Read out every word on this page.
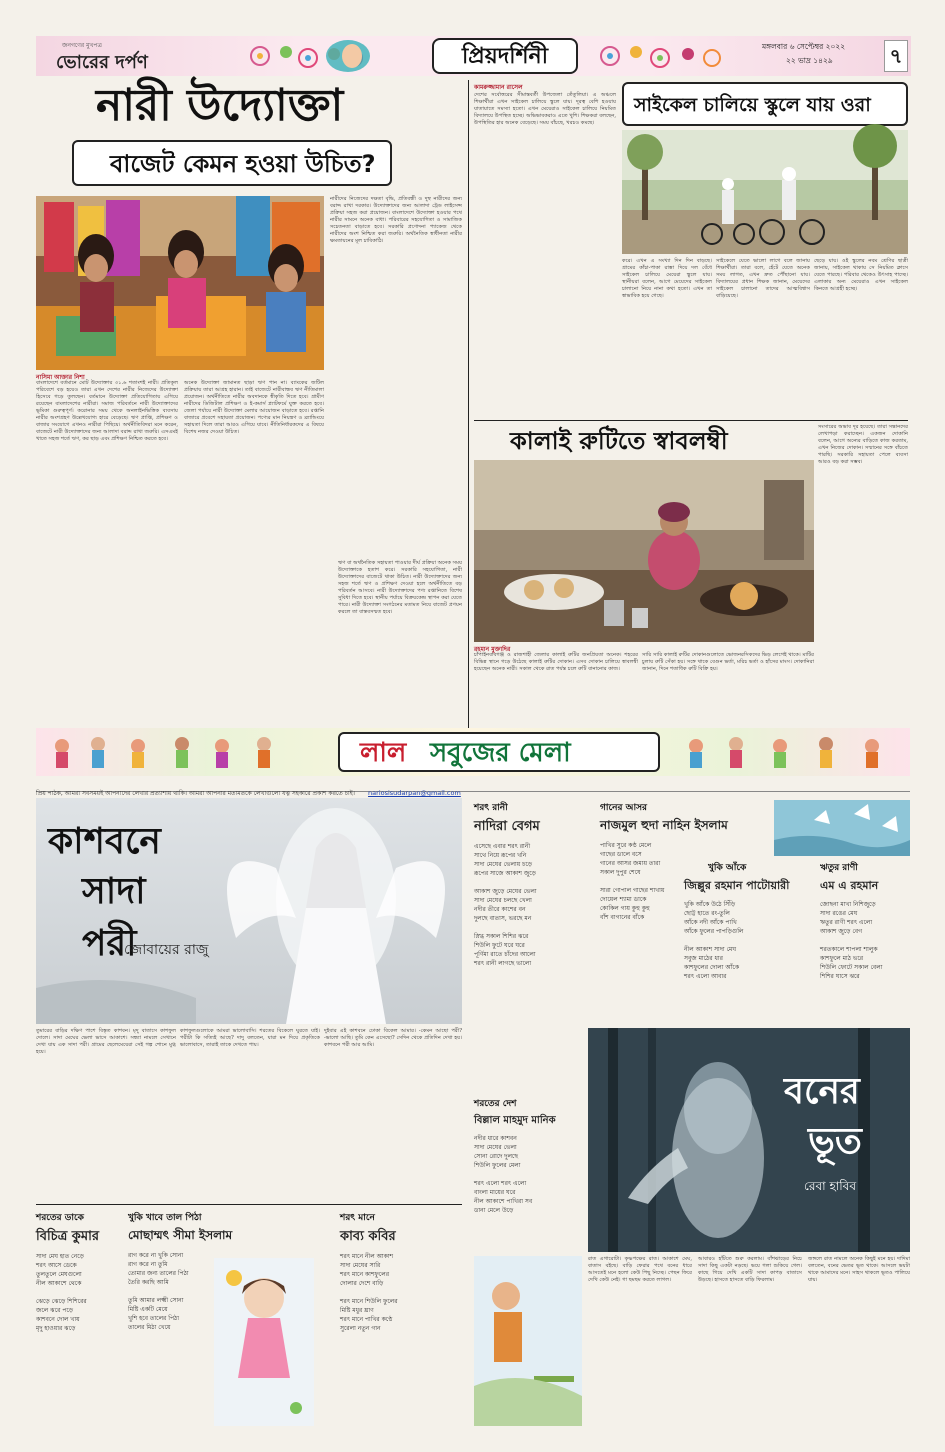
জনগণের মুখপত্র
ভোরের দর্পণ	প্রিয়দর্শিনী	মঙ্গলবার ৬ সেপ্টেম্বর ২০২২
২২ ভাদ্র ১৪২৯	৭
নারী উদ্যোক্তা
বাজেট কেমন হওয়া উচিত?
বাংলাদেশে বর্তমানে মোট উদ্যোক্তার ৩১.৬ শতাংশই নারী। প্রতিকূল পরিবেশে বড় হয়েও তারা এখন দেশের নারীর নিজেদের উদ্যোক্তা হিসেবে গড়ে তুলছেন। বর্তমানে উদ্যোক্তা প্রতিযোগিতায় এগিয়ে রয়েছেন বাংলাদেশের নারীরা। সমাজ পরিবর্তনে নারী উদ্যোক্তাদের ভূমিকা গুরুত্বপূর্ণ। করোনার সময় থেকে অনলাইনভিত্তিক ব্যবসায় নারীর অংশগ্রহণ উল্লেখযোগ্য হারে বেড়েছে। ঋণ প্রাপ্তি, প্রশিক্ষণ ও বাজার সংযোগে এখনও নারীরা পিছিয়ে। অর্থনীতিবিদরা মনে করেন, বাজেটে নারী উদ্যোক্তাদের জন্য আলাদা বরাদ্দ রাখা জরুরি। এসএমই খাতে সহজ শর্তে ঋণ, কর ছাড় এবং প্রশিক্ষণ নিশ্চিত করতে হবে।
অনেক উদ্যোক্তা জামানত ছাড়া ঋণ পান না। ব্যাংকের জটিল প্রক্রিয়ায় তারা আগ্রহ হারান। তাই বাজেটে নারীবান্ধব ঋণ নীতিমালা প্রয়োজন। অর্থনীতিতে নারীর অবদানকে স্বীকৃতি দিতে হবে। গ্রামীণ নারীদের ডিজিটাল প্রশিক্ষণ ও ই-কমার্স প্ল্যাটফর্মে যুক্ত করতে হবে। জেলা পর্যায়ে নারী উদ্যোক্তা মেলার আয়োজন বাড়াতে হবে। রপ্তানি বাজারে প্রবেশে সহায়তা প্রয়োজন। পণ্যের মান নিয়ন্ত্রণ ও ব্র্যান্ডিংয়ে সহায়তা দিলে তারা আরও এগিয়ে যাবে। নীতিনির্ধারকদের এ বিষয়ে বিশেষ নজর দেওয়া উচিত।
নারীদের নিজেদের দক্ষতা বৃদ্ধি, প্রতিবন্ধী ও দুস্থ নারীদের জন্য বরাদ্দ রাখা দরকার। উদ্যোক্তাদের জন্য আলাদা ট্রেড লাইসেন্স প্রক্রিয়া সহজ করা প্রয়োজন। বাংলাদেশে উদ্যোক্তা হওয়ার পথে নারীর সামনে অনেক বাধা। পরিবারের সহযোগিতা ও সামাজিক সচেতনতা বাড়াতে হবে। সরকারি প্রণোদনা প্যাকেজ থেকে নারীদের অংশ নিশ্চিত করা জরুরি। অর্থনৈতিক স্বাধীনতা নারীর ক্ষমতায়নের মূল চাবিকাঠি।
ঋণ বা অর্থনৈতিক সহায়তা পাওয়ার দীর্ঘ প্রক্রিয়া অনেক সময় উদ্যোক্তাকে হতাশ করে। সরকারি সহযোগিতা, নারী উদ্যোক্তাদের বাজেটে থাকা উচিত। নারী উদ্যোক্তাদের জন্য সহজ শর্তে ঋণ ও প্রশিক্ষণ দেওয়া হলে অর্থনীতিতে বড় পরিবর্তন আসবে। নারী উদ্যোক্তাদের পণ্য রপ্তানিতে বিশেষ সুবিধা দিতে হবে। স্থানীয় পর্যায়ে বিক্রয়কেন্দ্র স্থাপন করা যেতে পারে। নারী উদ্যোক্তা সংগঠনের মতামত নিয়ে বাজেট প্রণয়ন করলে তা বাস্তবসম্মত হবে।
নাসিমা আক্তার নিশা
সাইকেল চালিয়ে স্কুলে যায় ওরা
কামরুজ্জামান রাসেল
দেশের সর্বোত্তরের সীমান্তবর্তী উপজেলা তেঁতুলিয়া। এ অঞ্চলে শিক্ষার্থীরা এখন সাইকেল চালিয়ে স্কুলে যায়। দূরত্ব বেশি হওয়ায় যাতায়াতে সমস্যা হতো। এখন মেয়েরাও সাইকেল চালিয়ে নিয়মিত বিদ্যালয়ে উপস্থিত হচ্ছে। অভিভাবকরাও এতে খুশি। শিক্ষকরা বলছেন, উপস্থিতির হার অনেক বেড়েছে। সময় বাঁচছে, খরচও কমছে।
করে। এখন এ সংখ্যা দিন দিন বাড়ছে। গ্রামের কাঁচা-পাকা রাস্তা দিয়ে দল বেঁধে সাইকেল চালিয়ে মেয়েরা স্কুলে যায়। স্থানীয়রা বলেন, আগে মেয়েদের সাইকেল চালানো নিয়ে নানা কথা হতো। এখন তা স্বাভাবিক হয়ে গেছে।
সাইকেলে যেতে ভালো লাগে বলে জানায় শিক্ষার্থীরা। তারা বলে, হেঁটে যেতে অনেক সময় লাগত, এখন দ্রুত পৌঁছানো যায়। বিদ্যালয়ের প্রধান শিক্ষক জানান, মেয়েদের সাইকেল চালানো তাদের আত্মবিশ্বাস বাড়িয়েছে।
ছেড়ে যায়। ওই স্কুলের নবম শ্রেণির ছাত্রী জানায়, সাইকেল থাকায় সে নিয়মিত ক্লাসে যেতে পারছে। পরিবার থেকেও উৎসাহ পাচ্ছে। এলাকার অন্য মেয়েরাও এখন সাইকেল কিনতে আগ্রহী হচ্ছে।
কালাই রুটিতে স্বাবলম্বী	সংসারের অভাব দূর হয়েছে। তারা সন্তানদের লেখাপড়া করাচ্ছেন। একজন দোকানি বলেন, আগে অন্যের বাড়িতে কাজ করতাম, এখন নিজের দোকান। সম্মানের সঙ্গে বাঁচতে পারছি। সরকারি সহায়তা পেলে ব্যবসা আরও বড় করা সম্ভব।
রহমান মুক্তাদির
চাঁপাইনবাবগঞ্জ ও রাজশাহী জেলার কালাই রুটির জনপ্রিয়তা অনেক। শহরের বিভিন্ন স্থানে গড়ে উঠেছে কালাই রুটির দোকান। এসব দোকান চালিয়ে স্বাবলম্বী হয়েছেন অনেক নারী। সকাল থেকে রাত পর্যন্ত চলে রুটি বানানোর কাজ।
সারি সারি কালাই রুটির দোকানগুলোতে ভোজনরসিকদের ভিড় লেগেই থাকে। মাটির চুলায় রুটি সেঁকা হয়। সঙ্গে থাকে বেগুন ভর্তা, মরিচ ভর্তা ও হাঁসের মাংস। দোকানিরা জানান, দিনে শতাধিক রুটি বিক্রি হয়।
লাল সবুজের মেলা
প্রিয় পাঠক, আমরা সবসময়ই আপনাদের লেখার প্রত্যাশায় থাকি। আমরা আপনার মতামতকে লেখাগুলো যত্ন সহকারে প্রকাশ করতে চাই। nariosisudarpan@gmail.com
কাশবনে
সাদা
পরী
জোবায়ের রাজু
তুমারের বাড়ির দক্ষিণ পাশে বিস্তৃত কাশবন। মৃদু বাতাসে কাশফুল দোলে। সাদা মেঘের ভেলা ভাসে আকাশে। সন্ধ্যা নামলে সেখানে দেখা যায় এক সাদা পরী। গ্রামের ছেলেমেয়েরা সেই গল্প শোনে মুগ্ধ হয়ে।
কাশফুলগুলোকে আমরা ভালোবাসি। শরতের বিকেলে ঘুরতে যাই। পরীটা কি সত্যিই আছে? দাদু বলতেন, যারা মন দিয়ে প্রকৃতিকে ভালোবাসে, তারাই তাকে দেখতে পায়।
দুইবার এই কাশবনে ঢোকা বিকেল আমার। -কেমন আছো পরী? -ভালো আছি। তুমি কেন এসেছো? সেদিন থেকে প্রতিদিন দেখা হয়। কাশবনে পরী আর আমি।
শরৎ রানী
নাদিরা বেগম
এসেছে এবার শরৎ রানী
সাথে নিয়ে রূপের খনি
সাদা মেঘের ভেলায় চড়ে
রূপের সাজে আকাশ জুড়ে

আকাশ জুড়ে মেঘের ভেলা
সাদা মেঘের চলছে খেলা
নদীর তীরে কাশের বন
দুলছে বাতাস, ভরছে মন

স্নিগ্ধ সকাল শিশির ঝরে
শিউলি ফুটে ঘরে ঘরে
পূর্ণিমা রাতে চাঁদের আলো
শরৎ রানী লাগছে ভালো
গানের আসর
নাজমুল হুদা নাহিন ইসলাম
পাখির সুরে কণ্ঠ মেলে
গাছের ডালে বসে
গানের আসর জমায় তারা
সকাল দুপুর শেষে

সারা গোপাল গাছের শাখায়
দোয়েল শ্যামা ডাকে
কোকিল গায় কুহু কুহু
বাঁশ বাগানের বাঁকে
খুকি আঁকে
জিল্লুর রহমান পাটোয়ারী
খুকি আঁকে উঠে সিঁড়ি
ছোট্ট হাতে রং-তুলি
আঁকে নদী আঁকে পাখি
আঁকে ফুলের পাপড়িগুলি

নীল আকাশ সাদা মেঘ
সবুজ মাঠের ধার
কাশফুলের দোলা আঁকে
শরৎ এলো আবার
ঋতুর রাণী
এম এ রহমান
জোছনা মাখা নিশিজুড়ে
সাদা রঙের মেঘ
ঋতুর রাণী শরৎ এলো
আকাশ জুড়ে বেগ

শরতকালে শাপলা শালুক
কাশফুলে মাঠ ভরে
শিউলি ফোটে সকাল বেলা
শিশির ঘাসে ঝরে
শরতের দেশ
বিল্লাল মাহমুদ মানিক
নদীর ধারে কাশবন
সাদা মেঘের ভেলা
সোনা রোদে দুলছে
শিউলি ফুলের মেলা

শরৎ এলো শরৎ এলো
বাংলা মায়ের ঘরে
নীল আকাশে পাখিরা সব
ডানা মেলে উড়ে
বনের
ভূত
রেবা হাবিব
রাত এগারোটা। কৃষ্ণপক্ষের রাত। আকাশে মেঘ, বাতাস বইছে। বাড়ি ফেরার পথে বনের ধারে আসতেই মনে হলো কেউ পিছু নিচ্ছে। পেছন ফিরে দেখি কেউ নেই। গা ছমছম করতে লাগল।
আবারও হাঁটতে শুরু করলাম। বাঁশঝাড়ের নিচে সাদা কিছু একটা নড়ছে। ভয়ে গলা শুকিয়ে গেল। কাছে গিয়ে দেখি একটি সাদা কাপড় বাতাসে উড়ছে। হাসতে হাসতে বাড়ি ফিরলাম।
জঙ্গলে রাত নামলে অনেক কিছুই মনে হয়। দাদিমা বলতেন, বনের ভেতর ভূত থাকে। আসলে ভয়টা থাকে আমাদের মনে। সাহস থাকলে ভূতও পালিয়ে যায়।
শরতের ডাকে
বিচিত্র কুমার
সাদা মেঘ হাত নেড়ে
শরৎ আসে ডেকে
তুলতুলে মেঘগুলো
নীল আকাশে থেকে

ঝেড়ে ঝেড়ে শিশিরের
জলে ঝরে পড়ে
কাশবনে দোল খায়
মৃদু হাওয়ার ঝড়ে
খুকি খাবে তাল পিঠা
মোছাম্মৎ সীমা ইসলাম
রাগ করে না খুকি সোনা
রাগ করে না তুমি
তোমার জন্য তালের পিঠা
তৈরি করছি আমি

তুমি আমার লক্ষ্মী সোনা
মিষ্টি একটি মেয়ে
খুশি হবে তালের পিঠা
তালের মিঠা খেয়ে
শরৎ মানে
কাব্য কবির
শরৎ মানে নীল আকাশ
সাদা মেঘের সারি
শরৎ মানে কাশফুলের
দোলার দেশে বাড়ি

শরৎ মানে শিউলি ফুলের
মিষ্টি মধুর ঘ্রাণ
শরৎ মানে পাখির কণ্ঠে
সুরেলা নতুন গান
